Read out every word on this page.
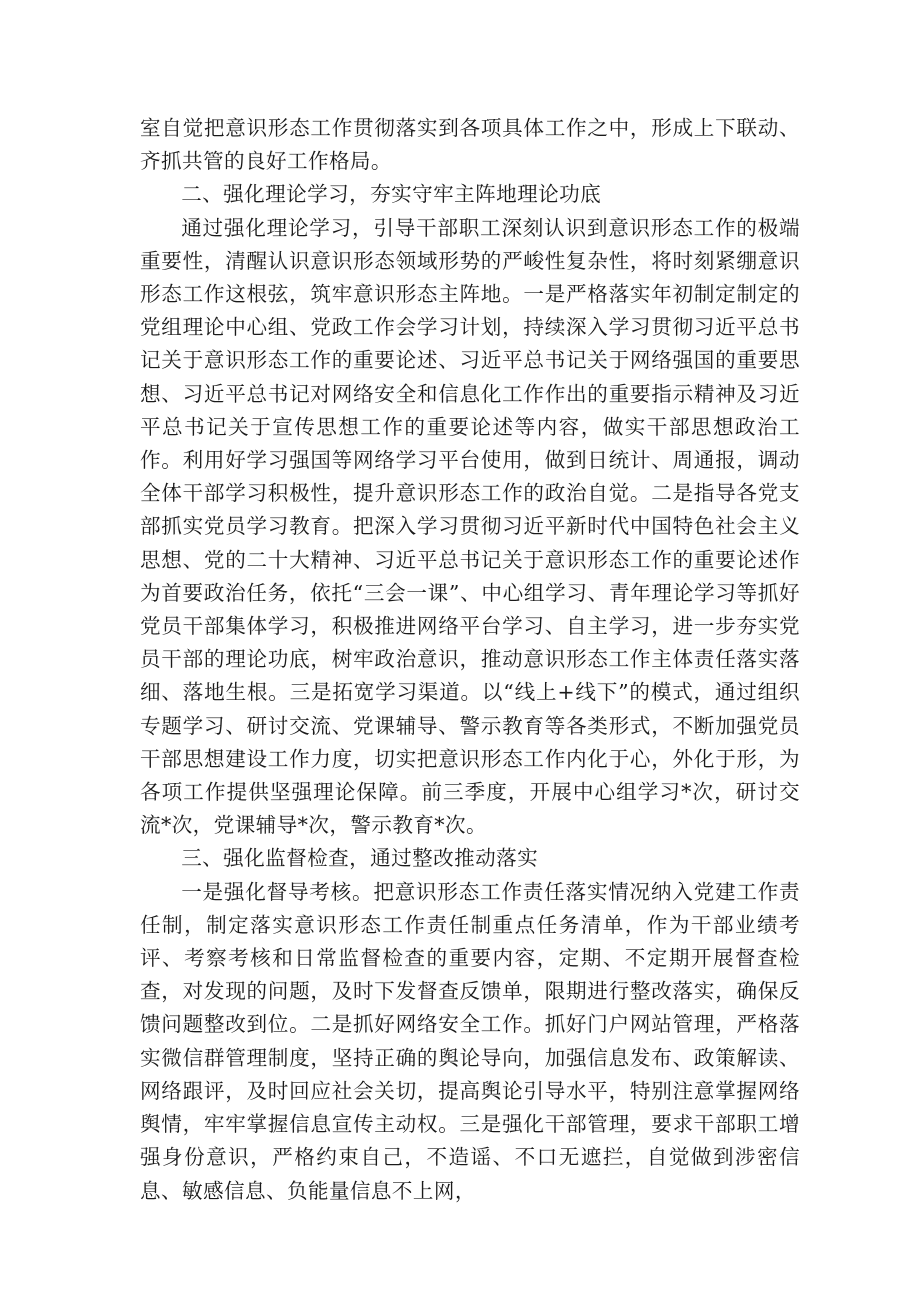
室自觉把意识形态工作贯彻落实到各项具体工作之中，形成上下联动、齐抓共管的良好工作格局。

二、强化理论学习，夯实守牢主阵地理论功底

通过强化理论学习，引导干部职工深刻认识到意识形态工作的极端重要性，清醒认识意识形态领域形势的严峻性复杂性，将时刻紧绷意识形态工作这根弦，筑牢意识形态主阵地。一是严格落实年初制定制定的党组理论中心组、党政工作会学习计划，持续深入学习贯彻习近平总书记关于意识形态工作的重要论述、习近平总书记关于网络强国的重要思想、习近平总书记对网络安全和信息化工作作出的重要指示精神及习近平总书记关于宣传思想工作的重要论述等内容，做实干部思想政治工作。利用好学习强国等网络学习平台使用，做到日统计、周通报，调动全体干部学习积极性，提升意识形态工作的政治自觉。二是指导各党支部抓实党员学习教育。把深入学习贯彻习近平新时代中国特色社会主义思想、党的二十大精神、习近平总书记关于意识形态工作的重要论述作为首要政治任务，依托“三会一课”、中心组学习、青年理论学习等抓好党员干部集体学习，积极推进网络平台学习、自主学习，进一步夯实党员干部的理论功底，树牢政治意识，推动意识形态工作主体责任落实落细、落地生根。三是拓宽学习渠道。以“线上+线下”的模式，通过组织专题学习、研讨交流、党课辅导、警示教育等各类形式，不断加强党员干部思想建设工作力度，切实把意识形态工作内化于心，外化于形，为各项工作提供坚强理论保障。前三季度，开展中心组学习*次，研讨交流*次，党课辅导*次，警示教育*次。

三、强化监督检查，通过整改推动落实

一是强化督导考核。把意识形态工作责任落实情况纳入党建工作责任制，制定落实意识形态工作责任制重点任务清单，作为干部业绩考评、考察考核和日常监督检查的重要内容，定期、不定期开展督查检查，对发现的问题，及时下发督查反馈单，限期进行整改落实，确保反馈问题整改到位。二是抓好网络安全工作。抓好门户网站管理，严格落实微信群管理制度，坚持正确的舆论导向，加强信息发布、政策解读、网络跟评，及时回应社会关切，提高舆论引导水平，特别注意掌握网络舆情，牢牢掌握信息宣传主动权。三是强化干部管理，要求干部职工增强身份意识，严格约束自己，不造谣、不口无遮拦，自觉做到涉密信息、敏感信息、负能量信息不上网，
